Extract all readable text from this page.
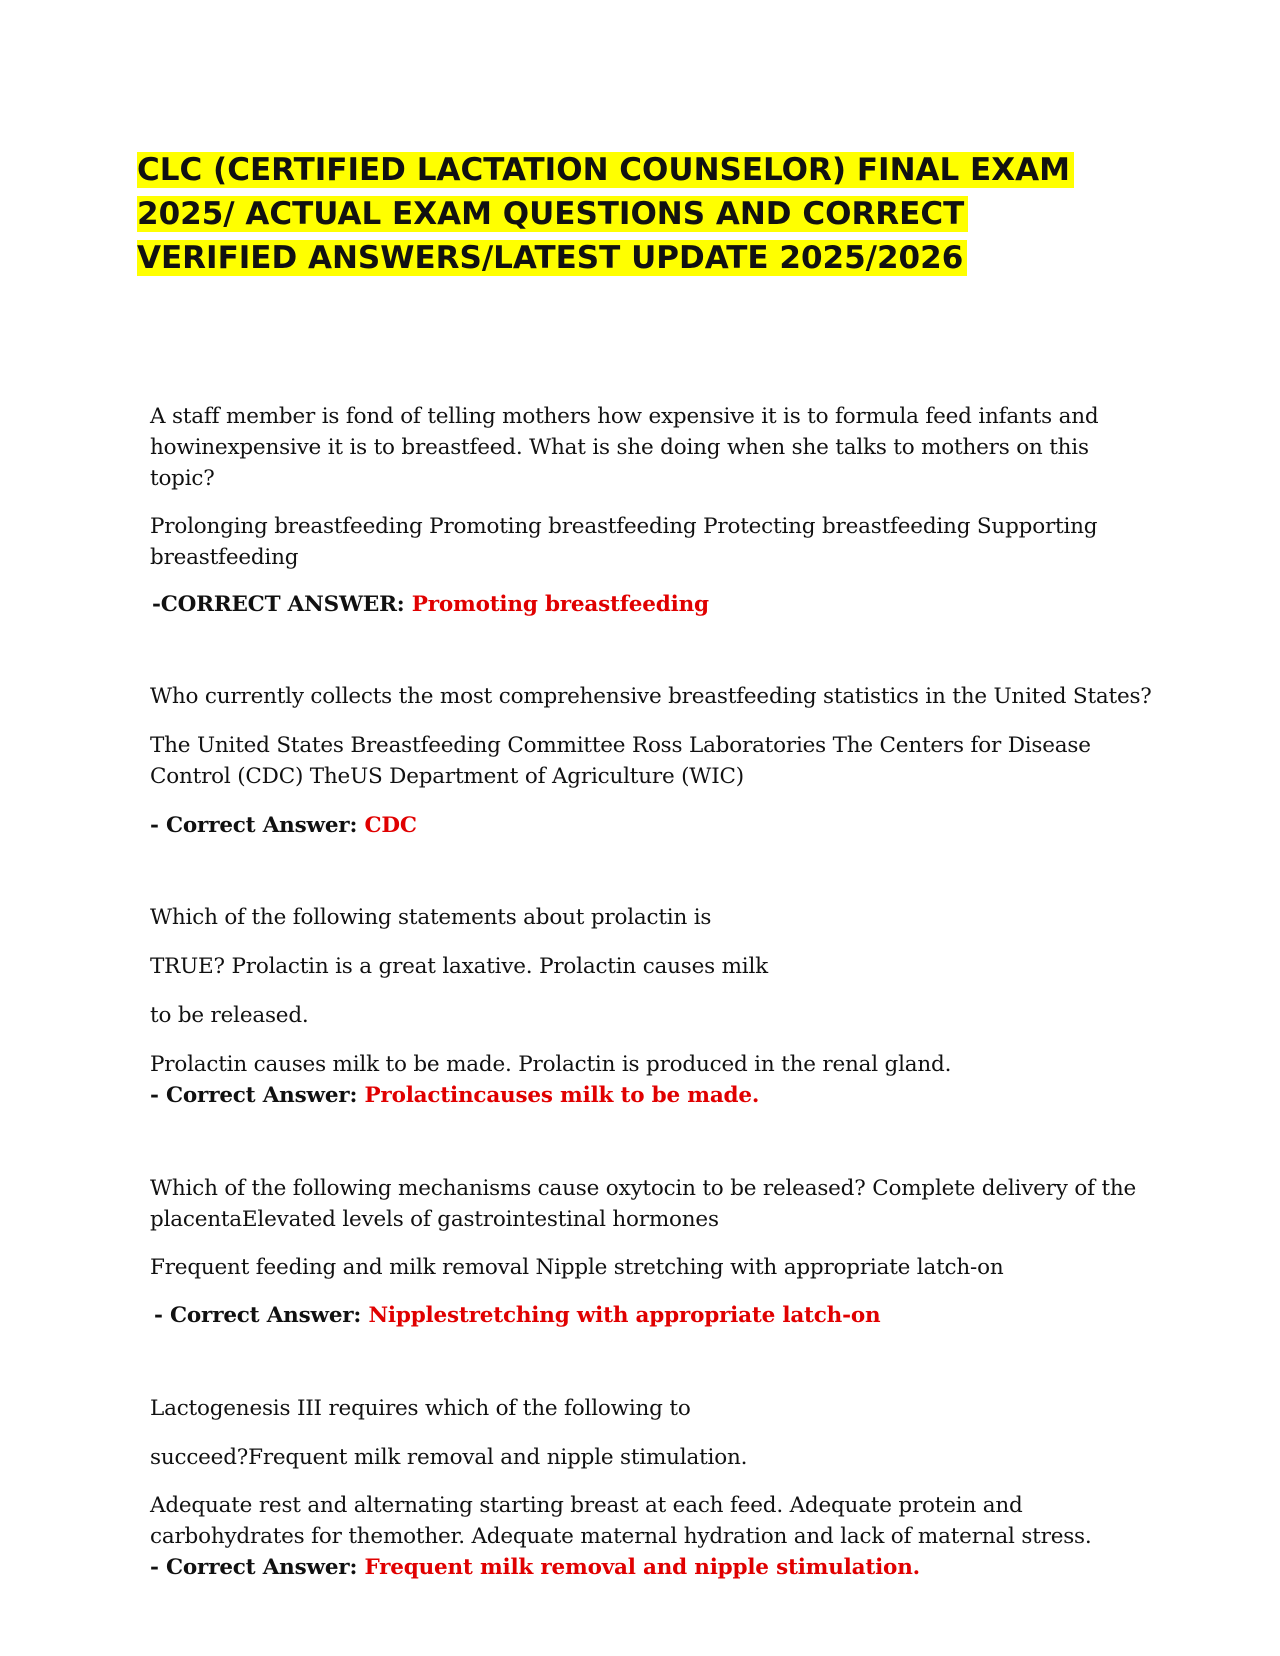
CLC (CERTIFIED LACTATION COUNSELOR) FINAL EXAM
2025/ ACTUAL EXAM QUESTIONS AND CORRECT
VERIFIED ANSWERS/LATEST UPDATE 2025/2026

A staff member is fond of telling mothers how expensive it is to formula feed infants and

howinexpensive it is to breastfeed. What is she doing when she talks to mothers on this

topic?

Prolonging breastfeeding Promoting breastfeeding Protecting breastfeeding Supporting

breastfeeding

-CORRECT ANSWER: Promoting breastfeeding

Who currently collects the most comprehensive breastfeeding statistics in the United States?

The United States Breastfeeding Committee Ross Laboratories The Centers for Disease

Control (CDC) TheUS Department of Agriculture (WIC)

- Correct Answer: CDC

Which of the following statements about prolactin is

TRUE? Prolactin is a great laxative. Prolactin causes milk

to be released.

Prolactin causes milk to be made. Prolactin is produced in the renal gland.

- Correct Answer: Prolactincauses milk to be made.

Which of the following mechanisms cause oxytocin to be released? Complete delivery of the

placentaElevated levels of gastrointestinal hormones

Frequent feeding and milk removal Nipple stretching with appropriate latch-on

- Correct Answer: Nipplestretching with appropriate latch-on

Lactogenesis III requires which of the following to

succeed?Frequent milk removal and nipple stimulation.

Adequate rest and alternating starting breast at each feed. Adequate protein and

carbohydrates for themother. Adequate maternal hydration and lack of maternal stress.

- Correct Answer: Frequent milk removal and nipple stimulation.
